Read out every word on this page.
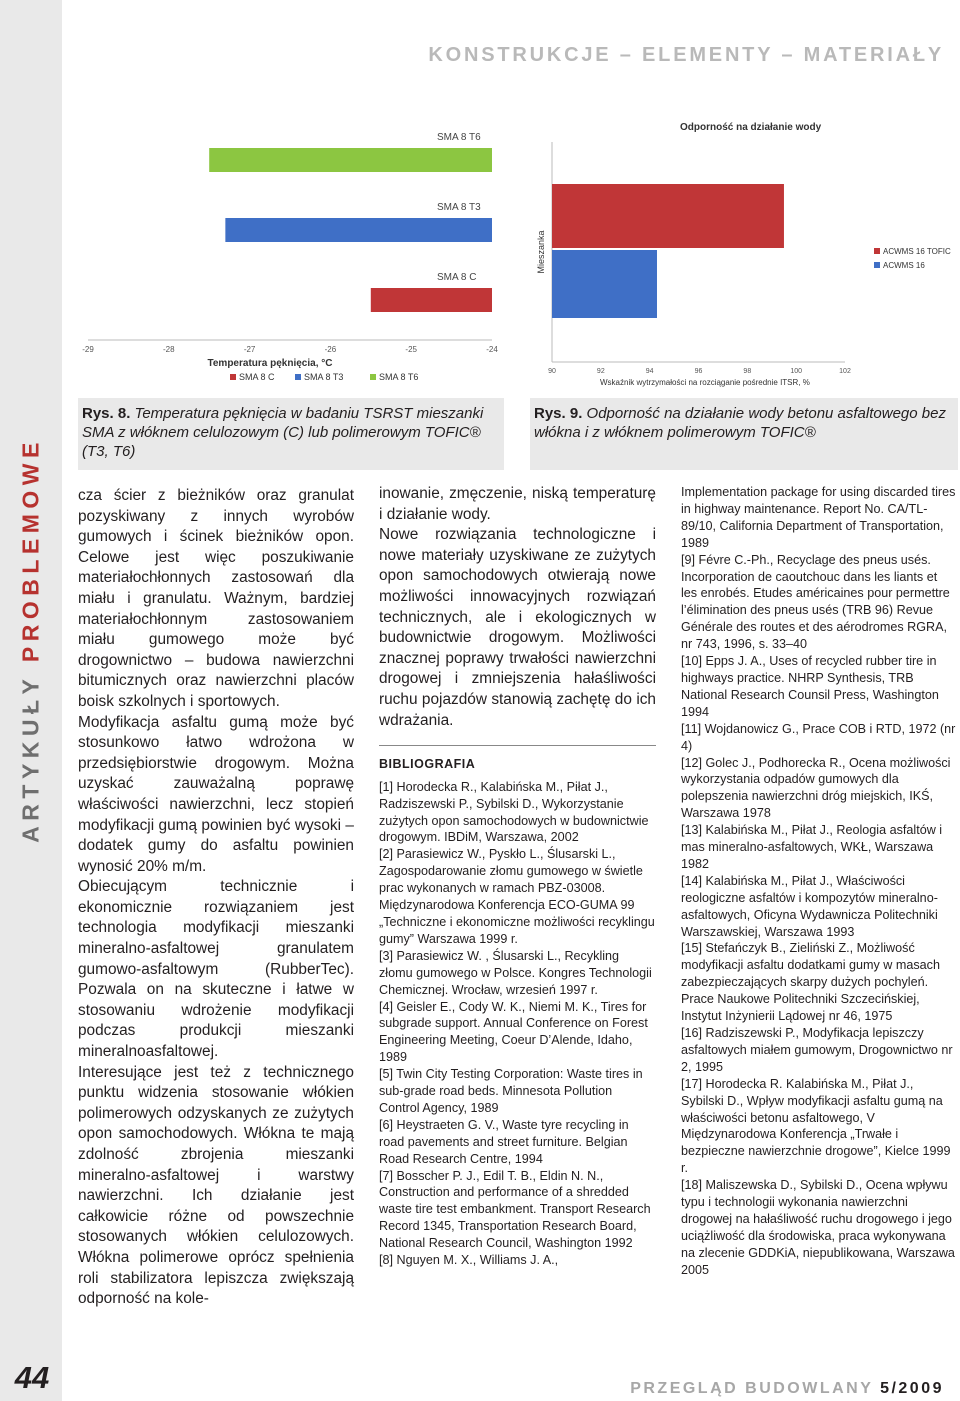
ARTYKUŁY PROBLEMOWE
44
KONSTRUKCJE – ELEMENTY – MATERIAŁY
SMA 8 T6
SMA 8 T3
SMA 8 C
-29	-28	-27	-26	-25	-24
Temperatura pęknięcia, °C
SMA 8 C	SMA 8 T3	SMA 8 T6
Odporność na działanie wody
Mieszanka
90	92	94	96	98	100	102
Wskaźnik wytrzymałości na rozciąganie pośrednie ITSR, %
ACWMS 16 TOFIC
ACWMS 16
Rys. 8. Temperatura pęknięcia w badaniu TSRST mieszanki SMA z włóknem celulozowym (C) lub polimerowym TOFIC® (T3, T6)
Rys. 9. Odporność na działanie wody betonu asfaltowego bez włókna i z włóknem polimerowym TOFIC®
cza ścier z bieżników oraz granulat pozyskiwany z innych wyrobów gumowych i ścinek bieżników opon. Celowe jest więc poszukiwanie materiałochłonnych zastosowań dla miału i granulatu. Ważnym, bardziej materiałochłonnym zastosowaniem miału gumowego może być drogownictwo – budowa nawierzchni bitumicznych oraz nawierzchni placów boisk szkolnych i sportowych.
Modyfikacja asfaltu gumą może być stosunkowo łatwo wdrożona w przedsiębiorstwie drogowym. Można uzyskać zauważalną poprawę właściwości nawierzchni, lecz stopień modyfikacji gumą powinien być wysoki – dodatek gumy do asfaltu powinien wynosić 20% m/m.
Obiecującym technicznie i ekonomicznie rozwiązaniem jest technologia modyfikacji mieszanki mineralno-asfaltowej granulatem gumowo-asfaltowym (RubberTec). Pozwala on na skuteczne i łatwe w stosowaniu wdrożenie modyfikacji podczas produkcji mieszanki mineralnoasfaltowej.
Interesujące jest też z technicznego punktu widzenia stosowanie włókien polimerowych odzyskanych ze zużytych opon samochodowych. Włókna te mają zdolność zbrojenia mieszanki mineralno-asfaltowej i warstwy nawierzchni. Ich działanie jest całkowicie różne od powszechnie stosowanych włókien celulozowych. Włókna polimerowe oprócz spełnienia roli stabilizatora lepiszcza zwiększają odporność na kole-
inowanie, zmęczenie, niską temperaturę i działanie wody.
Nowe rozwiązania technologiczne i nowe materiały uzyskiwane ze zużytych opon samochodowych otwierają nowe możliwości innowacyjnych rozwiązań technicznych, ale i ekologicznych w budownictwie drogowym. Możliwości znacznej poprawy trwałości nawierzchni drogowej i zmniejszenia hałaśliwości ruchu pojazdów stanowią zachętę do ich wdrażania.
BIBLIOGRAFIA

[1] Horodecka R., Kalabińska M., Piłat J., Radziszewski P., Sybilski D., Wykorzystanie zużytych opon samochodowych w budownictwie drogowym. IBDiM, Warszawa, 2002

[2] Parasiewicz W., Pyskło L., Ślusarski L., Zagospodarowanie złomu gumowego w świetle prac wykonanych w ramach PBZ-03008. Międzynarodowa Konferencja ECO-GUMA 99 „Techniczne i ekonomiczne możliwości recyklingu gumy” Warszawa 1999 r.

[3] Parasiewicz W. , Ślusarski L., Recykling złomu gumowego w Polsce. Kongres Technologii Chemicznej. Wrocław, wrzesień 1997 r.

[4] Geisler E., Cody W. K., Niemi M. K., Tires for subgrade support. Annual Conference on Forest Engineering Meeting, Coeur D’Alende, Idaho, 1989

[5] Twin City Testing Corporation: Waste tires in sub-grade road beds. Minnesota Pollution Control Agency, 1989

[6] Heystraeten G. V., Waste tyre recycling in road pavements and street furniture. Belgian Road Research Centre, 1994

[7] Bosscher P. J., Edil T. B., Eldin N. N., Construction and performance of a shredded waste tire test embankment. Transport Research Record 1345, Transportation Research Board, National Research Council, Washington 1992

[8] Nguyen M. X., Williams J. A.,

Implementation package for using discarded tires in highway maintenance. Report No. CA/TL-89/10, California Department of Transportation, 1989

[9] Févre C.-Ph., Recyclage des pneus usés. Incorporation de caoutchouc dans les liants et les enrobés. Etudes américaines pour permettre l’élimination des pneus usés (TRB 96) Revue Générale des routes et des aérodromes RGRA, nr 743, 1996, s. 33–40

[10] Epps J. A., Uses of recycled rubber tire in highways practice. NHRP Synthesis, TRB National Research Counsil Press, Washington 1994

[11] Wojdanowicz G., Prace COB i RTD, 1972 (nr 4)

[12] Golec J., Podhorecka R., Ocena możliwości wykorzystania odpadów gumowych dla polepszenia nawierzchni dróg miejskich, IKŚ, Warszawa 1978

[13] Kalabińska M., Piłat J., Reologia asfaltów i mas mineralno-asfaltowych, WKŁ, Warszawa 1982

[14] Kalabińska M., Piłat J., Właściwości reologiczne asfaltów i kompozytów mineralno-asfaltowych, Oficyna Wydawnicza Politechniki Warszawskiej, Warszawa 1993

[15] Stefańczyk B., Zieliński Z., Możliwość modyfikacji asfaltu dodatkami gumy w masach zabezpieczających skarpy dużych pochyleń. Prace Naukowe Politechniki Szczecińskiej, Instytut Inżynierii Lądowej nr 46, 1975

[16] Radziszewski P., Modyfikacja lepiszczy asfaltowych miałem gumowym, Drogownictwo nr 2, 1995

[17] Horodecka R. Kalabińska M., Piłat J., Sybilski D., Wpływ modyfikacji asfaltu gumą na właściwości betonu asfaltowego, V Międzynarodowa Konferencja „Trwałe i bezpieczne nawierzchnie drogowe”, Kielce 1999 r.

[18] Maliszewska D., Sybilski D., Ocena wpływu typu i technologii wykonania nawierzchni drogowej na hałaśliwość ruchu drogowego i jego uciążliwość dla środowiska, praca wykonywana na zlecenie GDDKiA, niepublikowana, Warszawa 2005

PRZEGLĄD BUDOWLANY 5/2009
